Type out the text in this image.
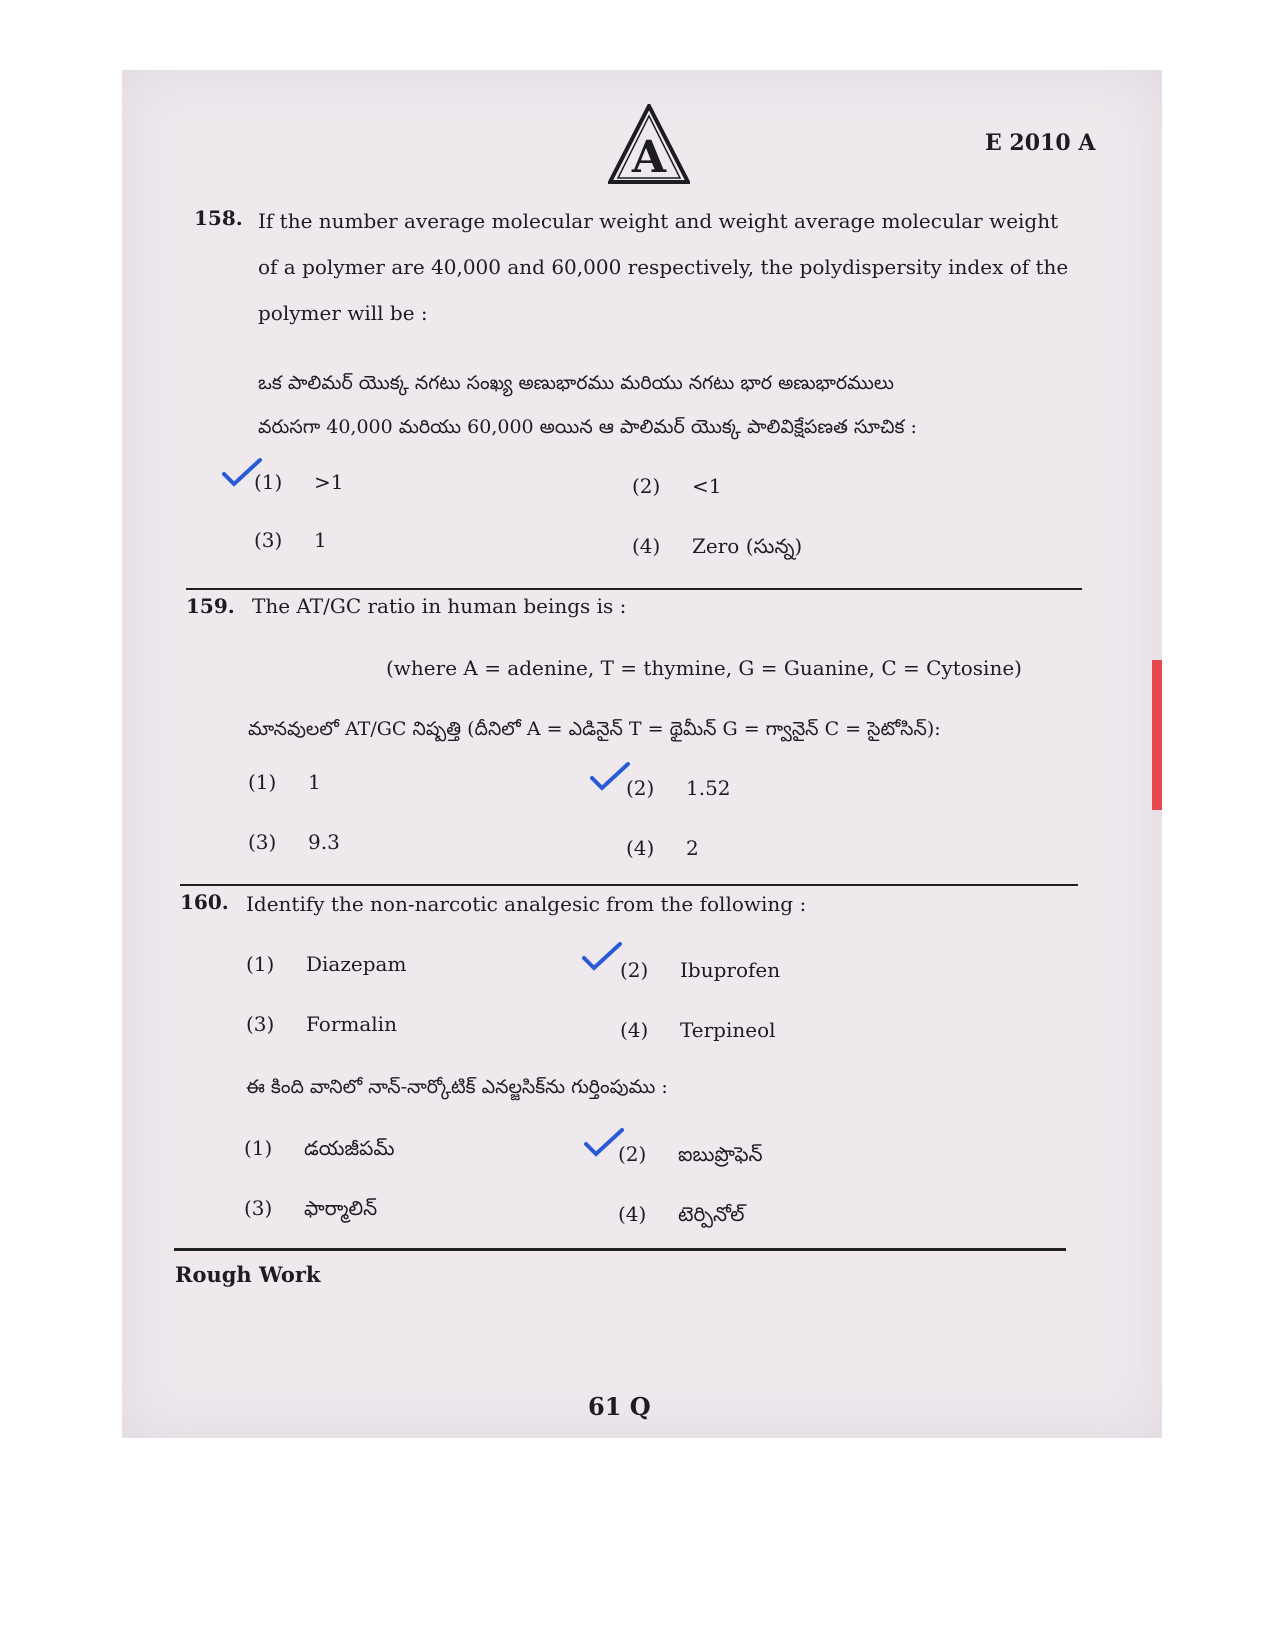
A	E 2010 A
158. If the number average molecular weight and weight average molecular weight
of a polymer are 40,000 and 60,000 respectively, the polydispersity index of the
polymer will be :
ఒక పాలిమర్ యొక్క నగటు సంఖ్య అణుభారము మరియు నగటు భార అణుభారములు
వరుసగా 40,000 మరియు 60,000 అయిన ఆ పాలిమర్ యొక్క పాలివిక్షేపణత సూచిక :
(1) >1	(2) <1
(3) 1	(4) Zero (సున్న)
159. The AT/GC ratio in human beings is :
(where A = adenine, T = thymine, G = Guanine, C = Cytosine)
మానవులలో AT/GC నిష్పత్తి (దీనిలో A = ఎడినైన్ T = థైమీన్ G = గ్వానైన్ C = సైటోసిన్):
(1) 1	(2) 1.52
(3) 9.3	(4) 2
160. Identify the non-narcotic analgesic from the following :
(1) Diazepam	(2) Ibuprofen
(3) Formalin	(4) Terpineol
ఈ కింది వానిలో నాన్-నార్కోటిక్ ఎనల్జసిక్‌ను గుర్తింపుము :
(1) డయజీపమ్	(2) ఐబుప్రొఫెన్
(3) ఫార్మాలిన్	(4) టెర్పినోల్
Rough Work
61 Q
